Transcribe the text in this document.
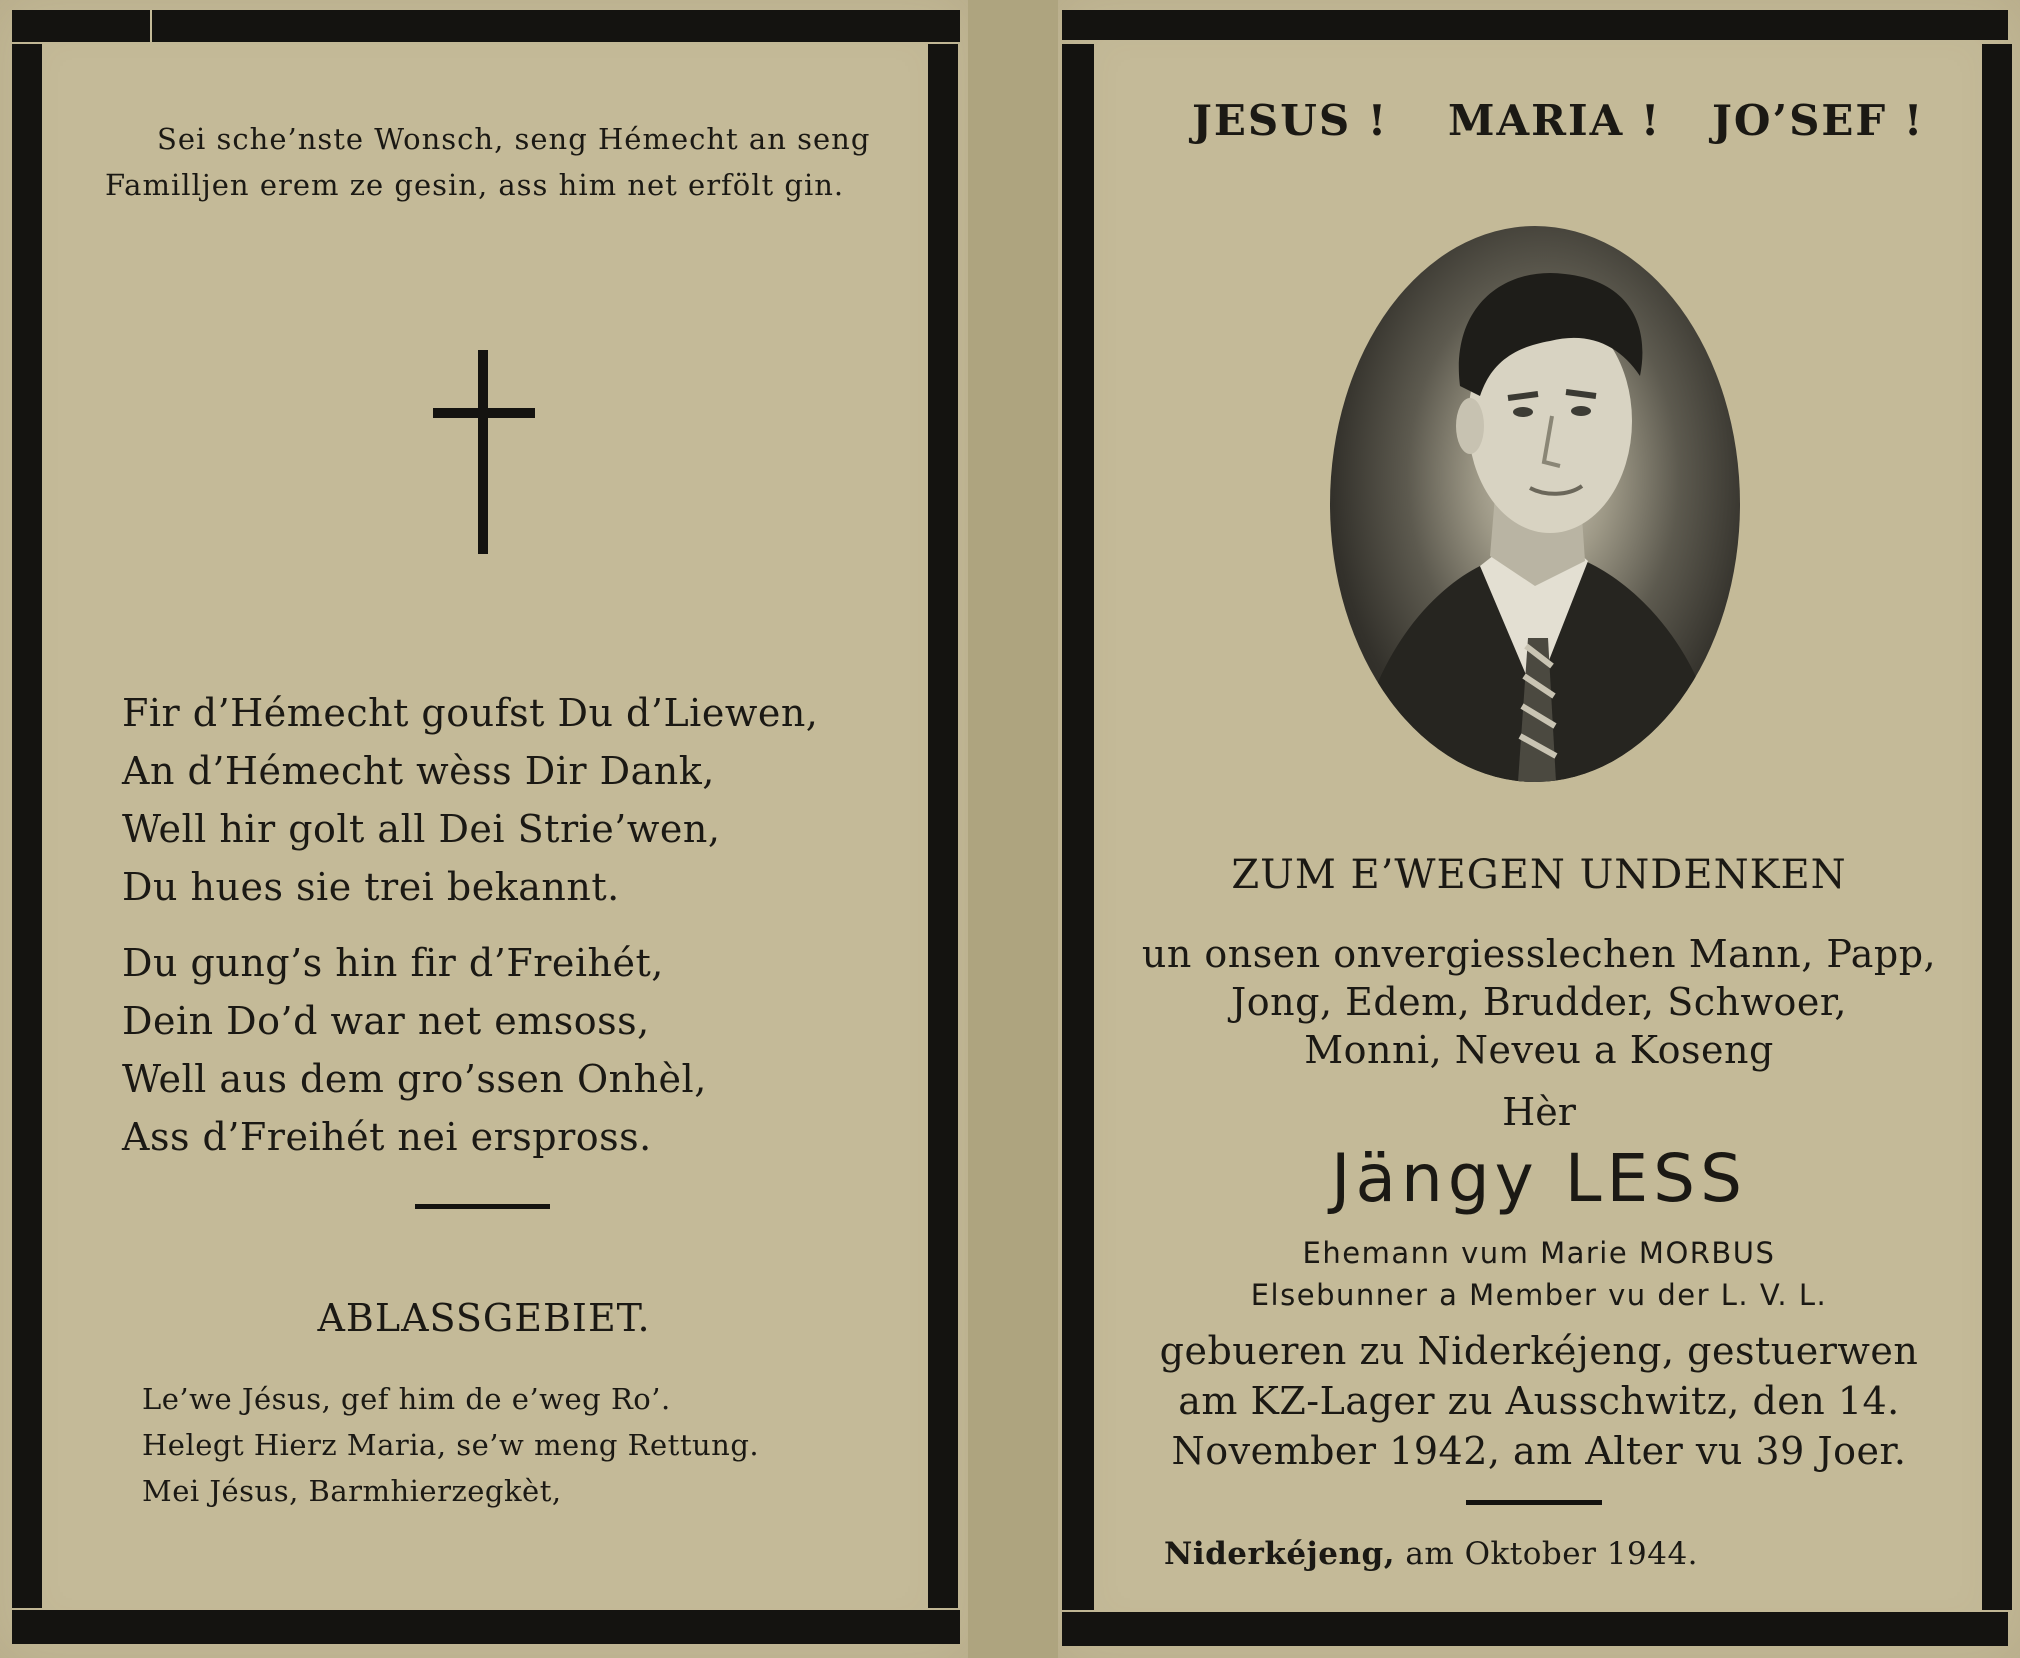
Sei sche’nste Wonsch, seng Hémecht an seng
Familljen erem ze gesin, ass him net erfölt gin.
Fir d’Hémecht goufst Du d’Liewen,
An d’Hémecht wèss Dir Dank,
Well hir golt all Dei Strie’wen,
Du hues sie trei bekannt.
Du gung’s hin fir d’Freihét,
Dein Do’d war net emsoss,
Well aus dem gro’ssen Onhèl,
Ass d’Freihét nei ersprоss.
ABLASSGEBIET.
Le’we Jésus, gef him de e’weg Ro’.
Helegt Hierz Maria, se’w meng Rettung.
Mei Jésus, Barmhierzegkèt,
JESUS ! MARIA ! JO’SEF !
ZUM E’WEGEN UNDENKEN
un onsen onvergiesslechen Mann, Papp,
Jong, Edem, Brudder, Schwoer,
Monni, Neveu a Koseng
Hèr
Jängy LESS
Ehemann vum Marie MORBUS
Elsebunner a Member vu der L. V. L.
gebueren zu Niderkéjeng, gestuerwen
am KZ-Lager zu Ausschwitz, den 14.
November 1942, am Alter vu 39 Joer.
Niderkéjeng, am Oktober 1944.
